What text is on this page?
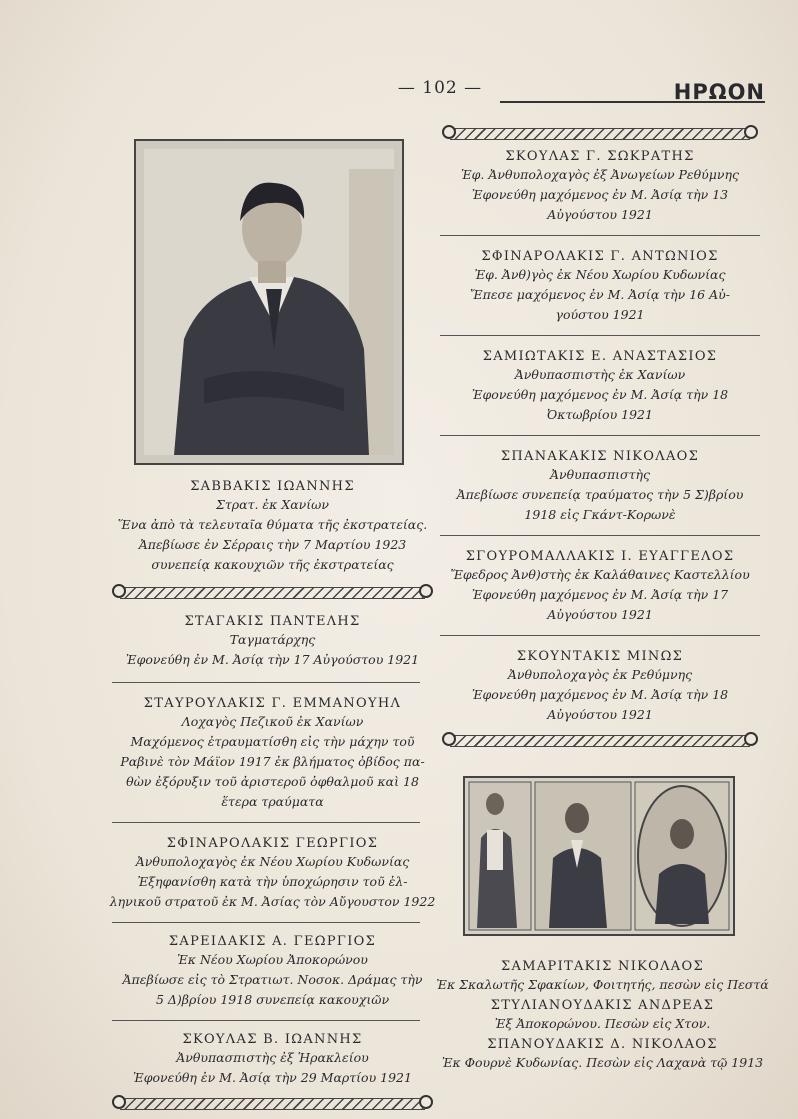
— 102 —	ΗΡΩΟΝ
ΣΑΒΒΑΚΙΣ ΙΩΑΝΝΗΣ
Στρατ. ἐκ Χανίων
Ἕνα ἀπὸ τὰ τελευταῖα θύματα τῆς ἐκστρατείας.
Ἀπεβίωσε ἐν Σέρραις τὴν 7 Μαρτίου 1923
συνεπείᾳ κακουχιῶν τῆς ἐκστρατείας
ΣΤΑΓΑΚΙΣ ΠΑΝΤΕΛΗΣ
Ταγματάρχης
Ἐφονεύθη ἐν Μ. Ἀσίᾳ τὴν 17 Αὐγούστου 1921
ΣΤΑΥΡΟΥΛΑΚΙΣ Γ. ΕΜΜΑΝΟΥΗΛ
Λοχαγὸς Πεζικοῦ ἐκ Χανίων
Μαχόμενος ἐτραυματίσθη εἰς τὴν μάχην τοῦ
Ραβινὲ τὸν Μάϊον 1917 ἐκ βλήματος ὀβίδος πα-
θὼν ἐξόρυξιν τοῦ ἀριστεροῦ ὀφθαλμοῦ καὶ 18
ἕτερα τραύματα
ΣΦΙΝΑΡΟΛΑΚΙΣ ΓΕΩΡΓΙΟΣ
Ἀνθυπολοχαγὸς ἐκ Νέου Χωρίου Κυδωνίας
Ἐξηφανίσθη κατὰ τὴν ὑποχώρησιν τοῦ ἑλ-
ληνικοῦ στρατοῦ ἐκ Μ. Ἀσίας τὸν Αὔγουστον 1922
ΣΑΡΕΙΔΑΚΙΣ Α. ΓΕΩΡΓΙΟΣ
Ἐκ Νέου Χωρίου Ἀποκορώνου
Ἀπεβίωσε εἰς τὸ Στρατιωτ. Νοσοκ. Δράμας τὴν
5 Δ)βρίου 1918 συνεπείᾳ κακουχιῶν
ΣΚΟΥΛΑΣ Β. ΙΩΑΝΝΗΣ
Ἀνθυπασπιστὴς ἐξ Ἡρακλείου
Ἐφονεύθη ἐν Μ. Ἀσίᾳ τὴν 29 Μαρτίου 1921
ΣΚΟΥΛΑΣ Γ. ΣΩΚΡΑΤΗΣ
Ἐφ. Ἀνθυπολοχαγὸς ἐξ Ἀνωγείων Ρεθύμνης
Ἐφονεύθη μαχόμενος ἐν Μ. Ἀσίᾳ τὴν 13
Αὐγούστου 1921
ΣΦΙΝΑΡΟΛΑΚΙΣ Γ. ΑΝΤΩΝΙΟΣ
Ἐφ. Ἀνθ)γὸς ἐκ Νέου Χωρίου Κυδωνίας
Ἔπεσε μαχόμενος ἐν Μ. Ἀσίᾳ τὴν 16 Αὐ-
γούστου 1921
ΣΑΜΙΩΤΑΚΙΣ Ε. ΑΝΑΣΤΑΣΙΟΣ
Ἀνθυπασπιστὴς ἐκ Χανίων
Ἐφονεύθη μαχόμενος ἐν Μ. Ἀσίᾳ τὴν 18
Ὀκτωβρίου 1921
ΣΠΑΝΑΚΑΚΙΣ ΝΙΚΟΛΑΟΣ
Ἀνθυπασπιστὴς
Ἀπεβίωσε συνεπείᾳ τραύματος τὴν 5 Σ)βρίου
1918 εἰς Γκάντ-Κορωνὲ
ΣΓΟΥΡΟΜΑΛΛΑΚΙΣ Ι. ΕΥΑΓΓΕΛΟΣ
Ἔφεδρος Ἀνθ)στὴς ἐκ Καλάθαινες Καστελλίου
Ἐφονεύθη μαχόμενος ἐν Μ. Ἀσίᾳ τὴν 17
Αὐγούστου 1921
ΣΚΟΥΝΤΑΚΙΣ ΜΙΝΩΣ
Ἀνθυπολοχαγὸς ἐκ Ρεθύμνης
Ἐφονεύθη μαχόμενος ἐν Μ. Ἀσίᾳ τὴν 18
Αὐγούστου 1921
ΣΑΜΑΡΙΤΑΚΙΣ ΝΙΚΟΛΑΟΣ
Ἐκ Σκαλωτῆς Σφακίων, Φοιτητής, πεσὼν εἰς Πεστά
ΣΤΥΛΙΑΝΟΥΔΑΚΙΣ ΑΝΔΡΕΑΣ
Ἐξ Ἀποκορώνου. Πεσὼν εἰς Χτον.
ΣΠΑΝΟΥΔΑΚΙΣ Δ. ΝΙΚΟΛΑΟΣ
Ἐκ Φουρνὲ Κυδωνίας. Πεσὼν εἰς Λαχανὰ τῷ 1913
